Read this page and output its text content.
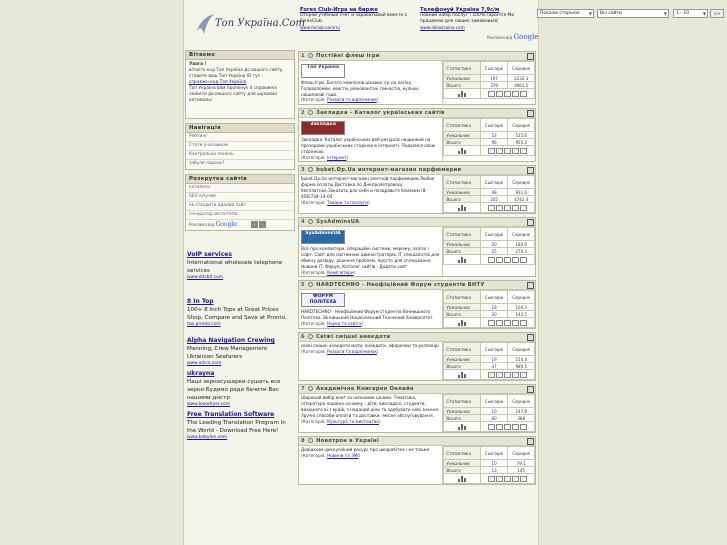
Топ Україна.Com
Forex Club-Игра на бирже
Открой учебный счет и зарабатывай вместе с ForexClub.
www.fxclub.com/ru
Телефонуй Україна 7,9с/м
Повний набір послуг ! 100% гарантія Ми працюємо для наших замовників!
www.alloukraina.com
Реклама від Google
Показів сторінок ▼	Всі сайти	▼	1 - 10	▼	>>
Вітаємо
Увага !
вітаєте код Топ Україна до вашого сайту, ставите ваш Топ Україна ID тут :
справжн код Топ Україна
Топ Україна вам пропонує 4 справжніх сюжети до вашого сайту для шукаємо оптималь!
Навігація
Рейтинг
Стати учасником
Контрольна панель
забули пароль?
Розкрутка сайтів
каталоги
SEO вітучие
як створити вдалий сайт
генератор мета-тегів
Реклама від Google	‹ ›
VoIP services
International wholesale telephone services
www.ddsbd.com
8 In Top
100+ 8 Inch Tops at Great Prices Shop, Compare and Save at Pronto.
top.pronto.com
Alpha Navigation Crewing
Manning, Crew Management Ukrainian Seafarers
www.alnco.com
ukrayna
Наші зерносушарки сушать все зерно Будемо ради бачити Вас нашими днстр
www.leoodryer.com
Free Translation Software
The Leading Translation Program in the World - Download Free Here!
www.babylon.com
1 Постійні флеш ігри
Топ Україна
Флеш Ігри. Багато чемпіонів цікавих ігр на логіку. Головоломки, квести, рівновантачі гімнастів, кульки, нащинкові годи.
(Категорія: Розваги та відпочинок)
Статистика	Сьогодні	Середнє
Унікальних	197	2232.3
Всього	379	4963.5

2 Закладка - Каталог українських сайтів
Закладка
Закладка. Каталог українських веб-ресурсів нащинкий на прозорами українських сторінок в Інтернеті. Подаємся свою сторінкою.
(Категорія: Інтернет)
Статистика	Сьогодні	Середнє
Унікальних	53	525.6
Всього	96	955.3

3 buket.Dp.Ua интернет-магазин парфюмерии
buket.Dp.Ua интернет-магазин элитной парфюмерии.Любая форма оплаты.Доставка по Днепропетровску бесплатная.Заказать для себя и поздравьте близким (8-056)734-14-04
(Категорія: Товари та послуги)
Статистика	Сьогодні	Середнє
Унікальних	48	931.6
Всього	205	4742.4

4 SysAdminsUA
SysAdminsUA
Всё про компютери, операційні системи, мережу, залізо і софт. Сайт для системних адміністраторів. IT спеціалістів для обміну досвіду, рішення проблем, просто для спілкування. Новини IT, Форум, Каталог сайтів - Додати сайт
(Категорія: Комп'ютери)
Статистика	Сьогодні	Середнє
Унікальних	20	184.9
Всього	25	270.3

5 HARDTECHNO - Неофіційний Форум студентів ВНТУ
ФОРУМ ПОЛІТЕХА
HARDTECHNO - Неофіційний Форум студентів Вінницького Політеха. Вінницький Національний Технічний Університет.
(Категорія: Наука та освіта)
Статистика	Сьогодні	Середнє
Унікальних	18	104.3
Всього	20	143.5

6 Свіжі смішні анекдоти
свіжі смішні анекдоти мати, анекдоти, афоризми та розповіді
(Категорія: Розваги та відпочинок)	Статистика	Сьогодні	Середнє
Унікальних	19	214.4
Всього	47	989.5

7 Академічна Книгарня Онлайн
Широкий вибір книг за низькими цінами. Тематика, література надійна основну - діти, викладачі, студенти, вихідного ві з країв, з наданий ціни та здобувати нові знання. Зручні способи оплати та доставки, якісне обслуговування.
(Категорія: Культура та мистецтво)
Статистика	Сьогодні	Середнє
Унікальних	10	147.8
Всього	60	368

8 Новотрон в Україні
Довідково-дискусійний ресурс про шкарабітка і не тільки
(Категорія: Новини та ЗМІ)	Статистика	Сьогодні	Середнє
Унікальних	10	79.1
Всього	13	145
